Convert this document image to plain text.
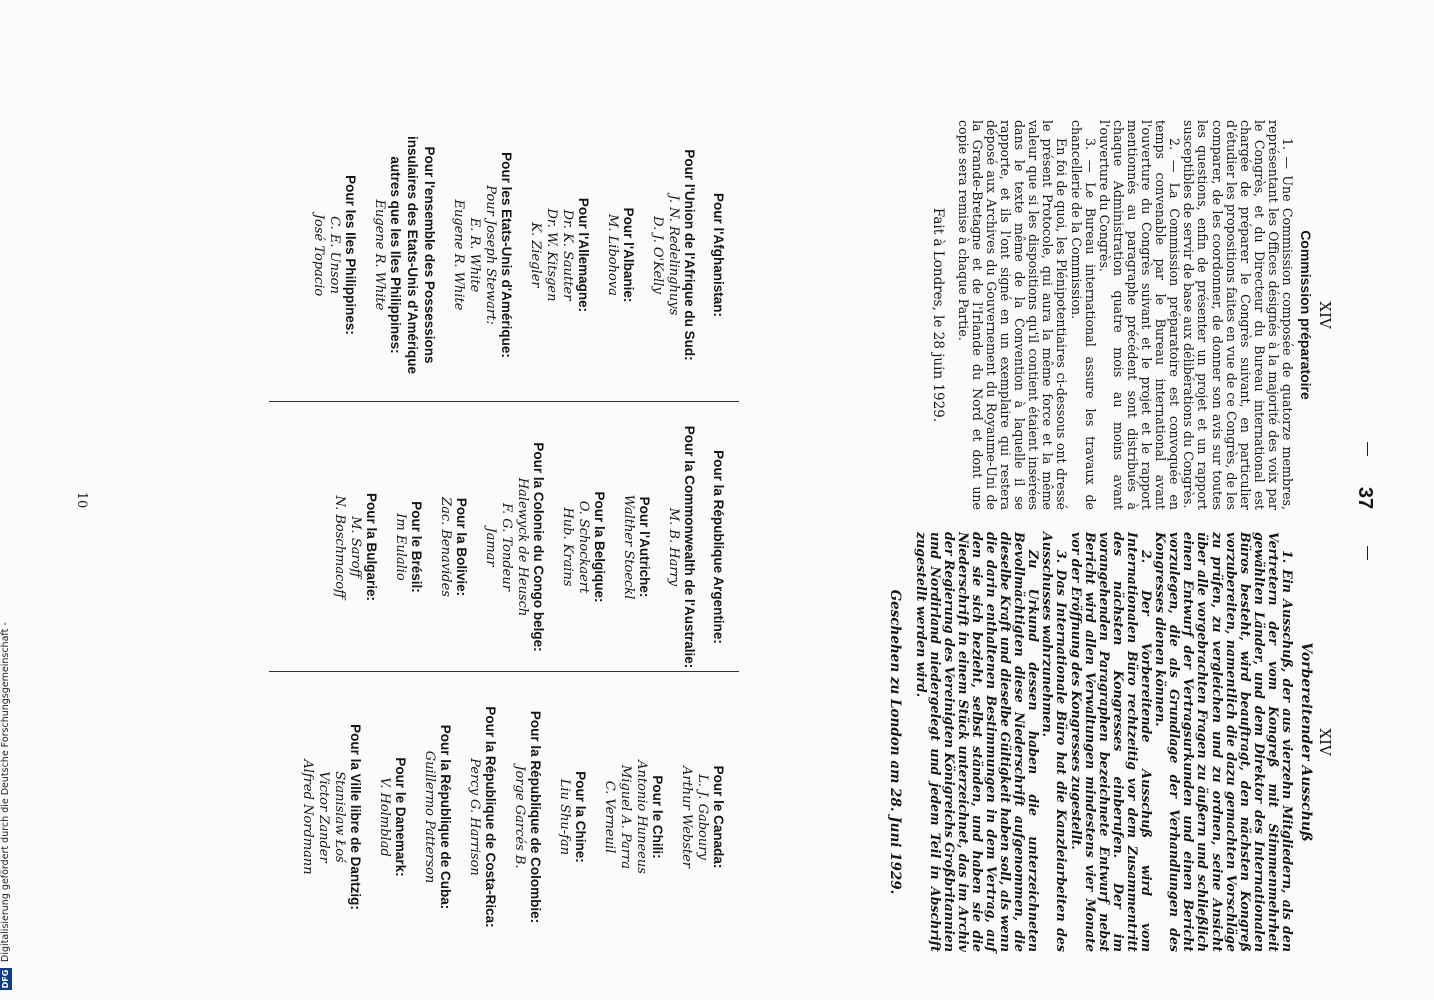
37
XIV
Commission préparatoire

1. — Une Commission composée de quatorze membres, représentant les Offices désignés à la majorité des voix par le Congrès, et du Directeur du Bureau international est chargée de préparer le Congrès suivant, en particulier d'étudier les propositions faites en vue de ce Congrès, de les comparer, de les coordonner, de donner son avis sur toutes les questions, enfin de présenter un projet et un rapport susceptibles de servir de base aux délibérations du Congrès.

2. — La Commission préparatoire est convoquée en temps convenable par le Bureau international avant l'ouverture du Congrès suivant et le projet et le rapport mentionnés au paragraphe précédent sont distribués à chaque Administration quatre mois au moins avant l'ouverture du Congrès.

3. — Le Bureau international assure les travaux de chancellerie de la Commission.

En foi de quoi, les Plénipotentiaires ci-dessous ont dressé le présent Protocole, qui aura la même force et la même valeur que si les dispositions qu'il contient étaient insérées dans le texte même de la Convention à laquelle il se rapporte, et ils l'ont signé en un exemplaire qui restera déposé aux Archives du Gouvernement du Royaume-Uni de la Grande-Bretagne et de l'Irlande du Nord et dont une copie sera remise à chaque Partie.

Fait à Londres, le 28 juin 1929.

XIV
Vorbereitender Ausschuß

1. Ein Ausschuß, der aus vierzehn Mitgliedern, als den Vertretern der vom Kongreß mit Stimmenmehrheit gewählten Länder, und dem Direktor des Internationalen Büros besteht, wird beauftragt, den nächsten Kongreß vorzubereiten, namentlich die dazu gemachten Vorschläge zu prüfen, zu vergleichen und zu ordnen, seine Ansicht über alle vorgebrachten Fragen zu äußern und schließlich einen Entwurf der Vertragsurkunden und einen Bericht vorzulegen, die als Grundlage der Verhandlungen des Kongresses dienen können.

2. Der Vorbereitende Ausschuß wird vom Internationalen Büro rechtzeitig vor dem Zusammentritt des nächsten Kongresses einberufen. Der im vorangehenden Paragraphen bezeichnete Entwurf nebst Bericht wird allen Verwaltungen mindestens vier Monate vor der Eröffnung des Kongresses zugestellt.

3. Das Internationale Büro hat die Kanzleiarbeiten des Ausschusses wahrzunehmen.

Zu Urkund dessen haben die unterzeichneten Bevollmächtigten diese Niederschrift aufgenommen, die dieselbe Kraft und dieselbe Gültigkeit haben soll, als wenn die darin enthaltenen Bestimmungen in dem Vertrag, auf den sie sich bezieht, selbst ständen, und haben sie die Niederschrift in einem Stück unterzeichnet, das im Archiv der Regierung des Vereinigten Königreichs Großbritannien und Nordirland niedergelegt und jedem Teil in Abschrift zugestellt werden wird.

Geschehen zu London am 28. Juni 1929.

Pour l'Afghanistan:
Pour l'Union de l'Afrique du Sud:
J. N. Redelinghuys
D. J. O'Kelly
Pour l'Albanie:
M. Libohova
Pour l'Allemagne:
Dr. K. Sautter
Dr. W. Kitsgen
K. Ziegler
Pour les Etats-Unis d'Amérique:
Pour Joseph Stewart:
E. R. White
Eugene R. White
Pour l'ensemble des Possessions insulaires des Etats-Unis d'Amérique autres que les Iles Philippines:
Eugene R. White
Pour les Iles Philippines:
C. E. Unson
José Topacio
Pour la République Argentine:
Pour la Commonwealth de l'Australie:
M. B. Harry
Pour l'Autriche:
Walther Stoeckl
Pour la Belgique:
O. Schockaert
Hub. Krains
Pour la Colonie du Congo belge:
Halewyck de Heusch
F. G. Tondeur
Jamar
Pour la Bolivie:
Zac. Benavides
Pour le Brésil:
Im Eulalio
Pour la Bulgarie:
M. Saroff
N. Boschmacoff
Pour le Canada:
L. J. Gaboury
Arthur Webster
Pour le Chili:
Antonio Huneeus
Miguel A. Parra
C. Verneuil
Pour la Chine:
Liu Shu-fan
Pour la République de Colombie:
Jorge Garcés B.
Pour la République de Costa-Rica:
Percy G. Harrison
Pour la République de Cuba:
Guillermo Patterson
Pour le Danemark:
V. Holmblad
Pour la Ville libre de Dantzig:
Stanislaw Łoś
Victor Zander
Alfred Nordmann
10
DFG
Digitalisierung gefördert durch die Deutsche Forschungsgemeinschaft -
